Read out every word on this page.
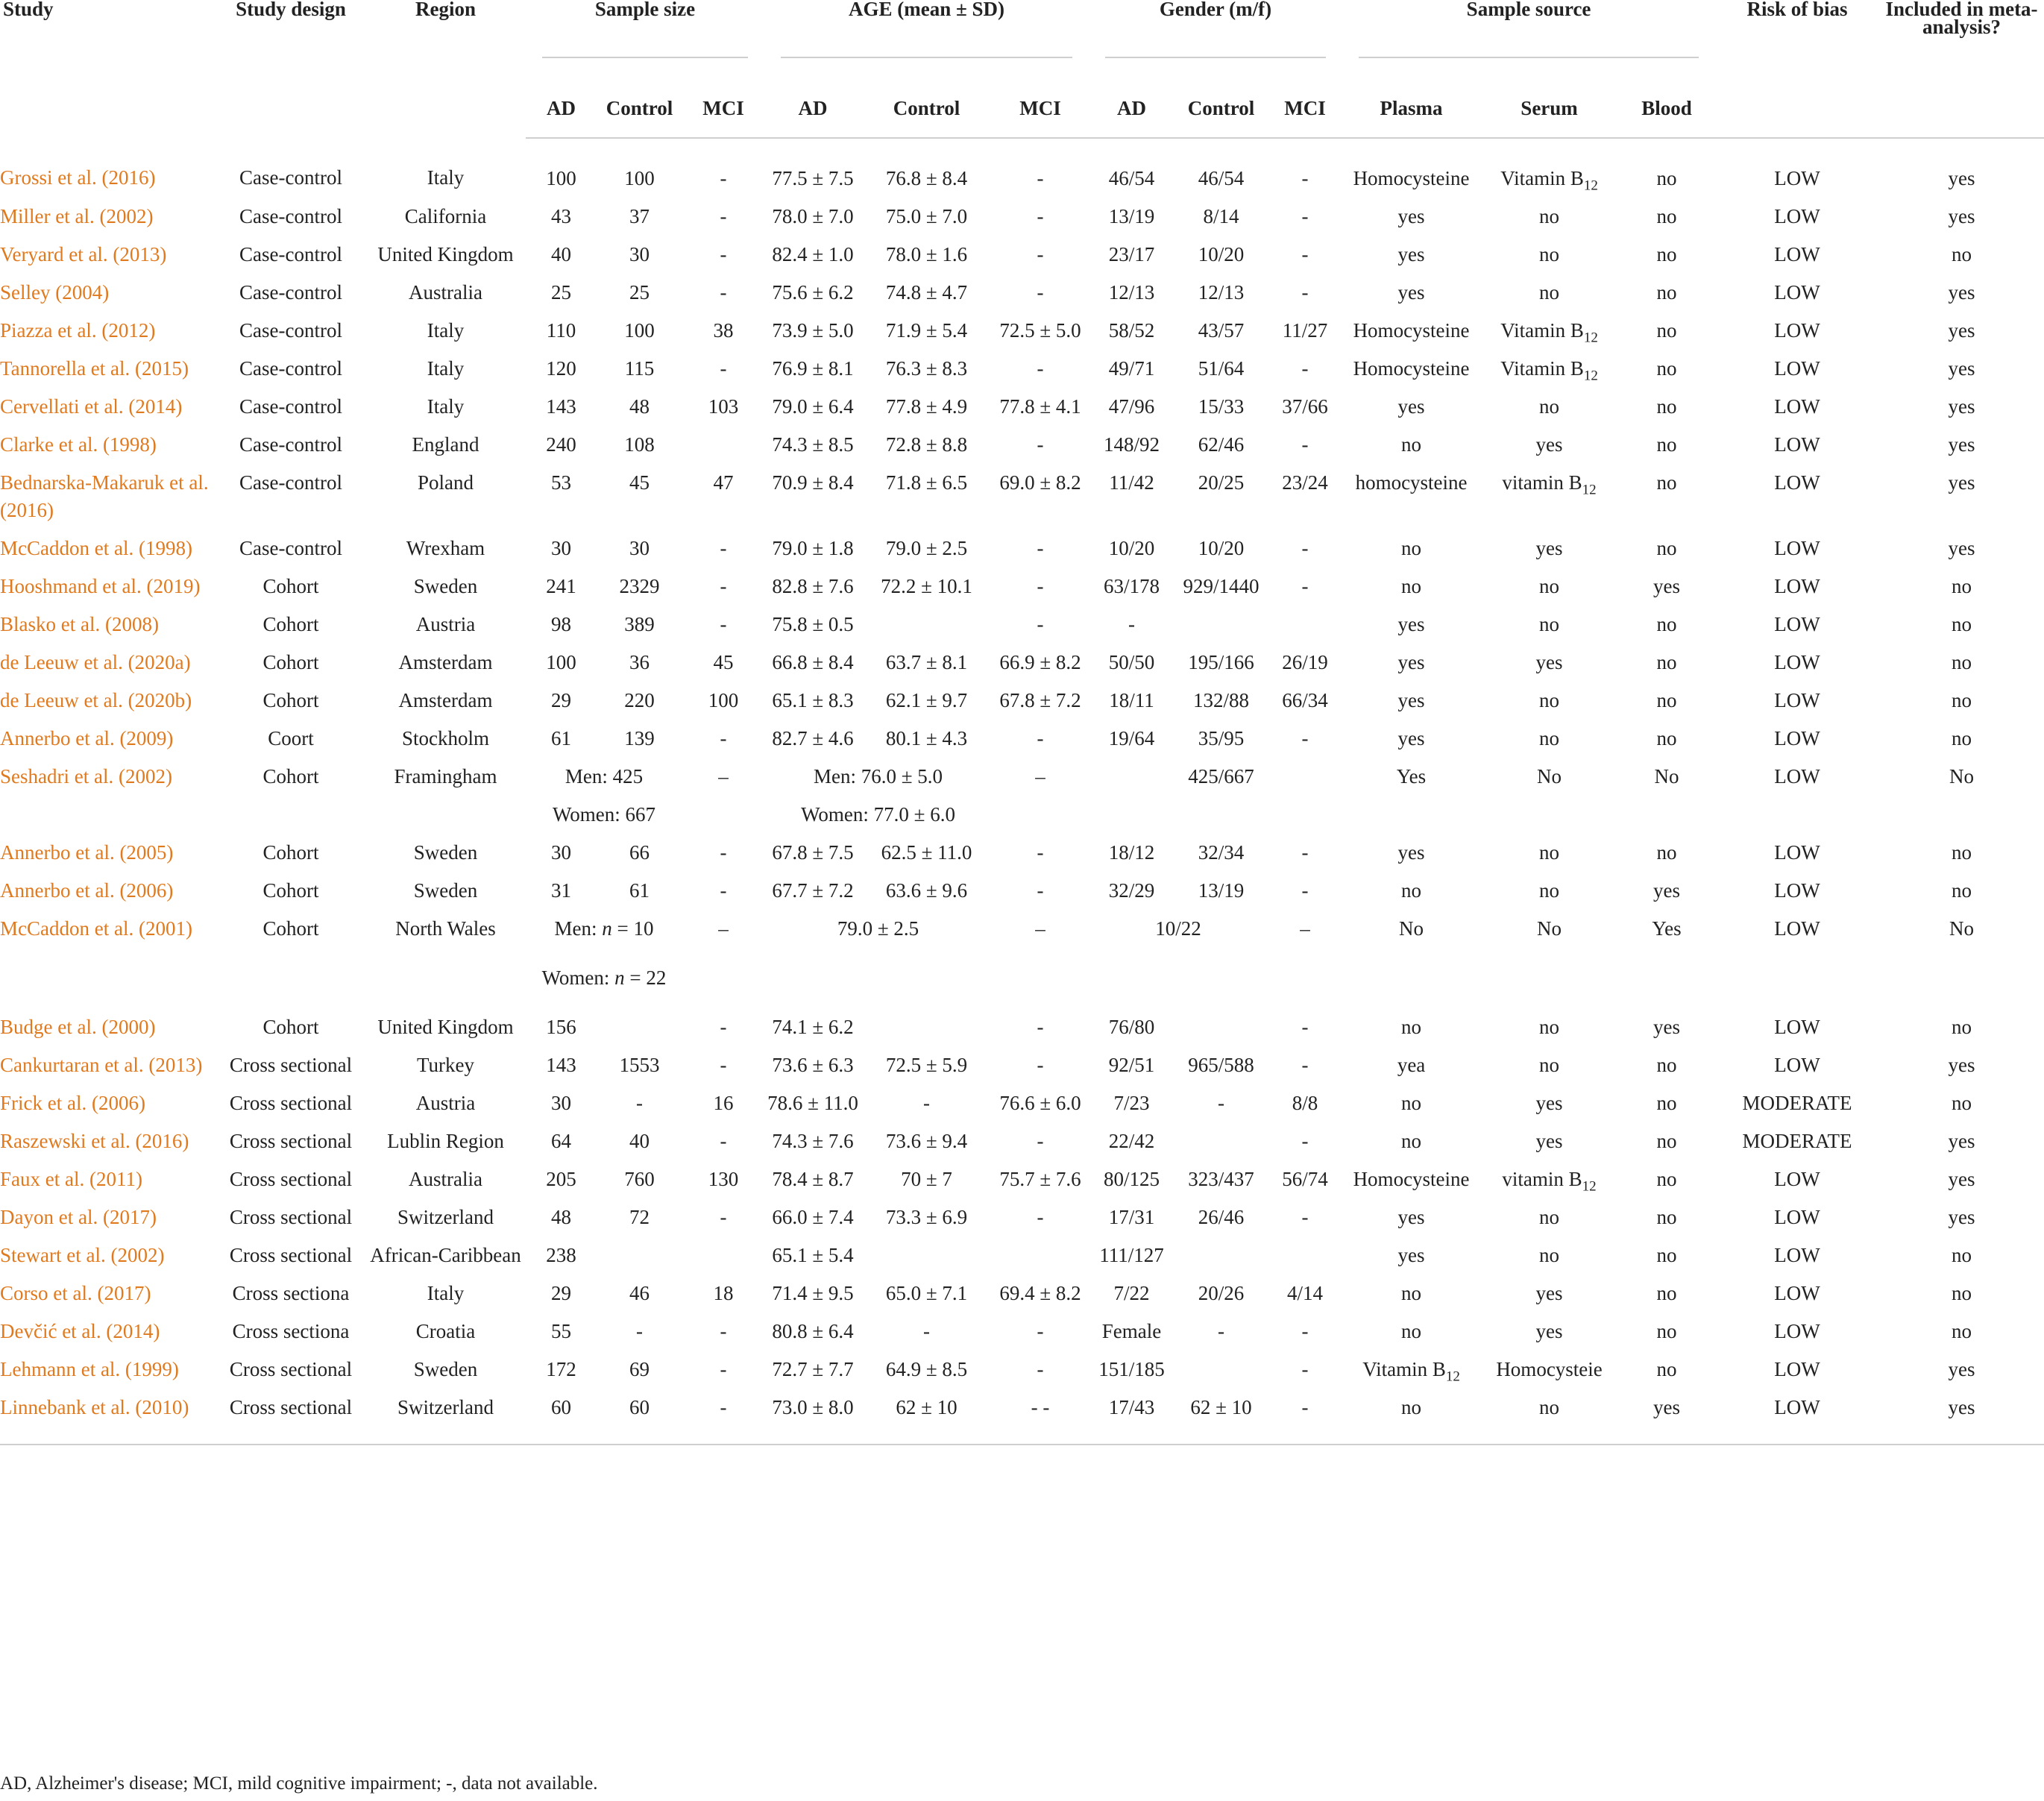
Study	Study design	Region	Sample size			AGE (mean ± SD)			Gender (m/f)			Sample source			Risk of bias	Included in meta-analysis?
			AD	Control	MCI	AD	Control	MCI	AD	Control	MCI	Plasma	Serum	Blood		
Grossi et al. (2016)	Case-control	Italy	100	100	-	77.5 ± 7.5	76.8 ± 8.4	-	46/54	46/54	-	Homocysteine	Vitamin $B_{12}$	no	LOW	yes
Miller et al. (2002)	Case-control	California	43	37	-	78.0 ± 7.0	75.0 ± 7.0	-	13/19	8/14	-	yes	no	no	LOW	yes
Veryard et al. (2013)	Case-control	United Kingdom	40	30	-	82.4 ± 1.0	78.0 ± 1.6	-	23/17	10/20	-	yes	no	no	LOW	no
Selley (2004)	Case-control	Australia	25	25	-	75.6 ± 6.2	74.8 ± 4.7	-	12/13	12/13	-	yes	no	no	LOW	yes
Piazza et al. (2012)	Case-control	Italy	110	100	38	73.9 ± 5.0	71.9 ± 5.4	72.5 ± 5.0	58/52	43/57	11/27	Homocysteine	Vitamin $B_{12}$	no	LOW	yes
Tannorella et al. (2015)	Case-control	Italy	120	115	-	76.9 ± 8.1	76.3 ± 8.3	-	49/71	51/64	-	Homocysteine	Vitamin $B_{12}$	no	LOW	yes
Cervellati et al. (2014)	Case-control	Italy	143	48	103	79.0 ± 6.4	77.8 ± 4.9	77.8 ± 4.1	47/96	15/33	37/66	yes	no	no	LOW	yes
Clarke et al. (1998)	Case-control	England	240	108		74.3 ± 8.5	72.8 ± 8.8	-	148/92	62/46	-	no	yes	no	LOW	yes
Bednarska-Makaruk et al. (2016)	Case-control	Poland	53	45	47	70.9 ± 8.4	71.8 ± 6.5	69.0 ± 8.2	11/42	20/25	23/24	homocysteine	vitamin $B_{12}$	no	LOW	yes
McCaddon et al. (1998)	Case-control	Wrexham	30	30	-	79.0 ± 1.8	79.0 ± 2.5	-	10/20	10/20	-	no	yes	no	LOW	yes
Hooshmand et al. (2019)	Cohort	Sweden	241	2329	-	82.8 ± 7.6	72.2 ± 10.1	-	63/178	929/1440	-	no	no	yes	LOW	no
Blasko et al. (2008)	Cohort	Austria	98	389	-	75.8 ± 0.5		-	-			yes	no	no	LOW	no
de Leeuw et al. (2020a)	Cohort	Amsterdam	100	36	45	66.8 ± 8.4	63.7 ± 8.1	66.9 ± 8.2	50/50	195/166	26/19	yes	yes	no	LOW	no
de Leeuw et al. (2020b)	Cohort	Amsterdam	29	220	100	65.1 ± 8.3	62.1 ± 9.7	67.8 ± 7.2	18/11	132/88	66/34	yes	no	no	LOW	no
Annerbo et al. (2009)	Coort	Stockholm	61	139	-	82.7 ± 4.6	80.1 ± 4.3	-	19/64	35/95	-	yes	no	no	LOW	no
Seshadri et al. (2002)	Cohort	Framingham	Men: 425		–	Men: 76.0 ± 5.0		–		425/667		Yes	No	No	LOW	No
			Women: 667			Women: 77.0 ± 6.0										
Annerbo et al. (2005)	Cohort	Sweden	30	66	-	67.8 ± 7.5	62.5 ± 11.0	-	18/12	32/34	-	yes	no	no	LOW	no
Annerbo et al. (2006)	Cohort	Sweden	31	61	-	67.7 ± 7.2	63.6 ± 9.6	-	32/29	13/19	-	no	no	yes	LOW	no
McCaddon et al. (2001)	Cohort	North Wales	Men: n = 10		–	79.0 ± 2.5		–	10/22		–	No	No	Yes	LOW	No
			Women: n = 22													
Budge et al. (2000)	Cohort	United Kingdom	156		-	74.1 ± 6.2		-	76/80		-	no	no	yes	LOW	no
Cankurtaran et al. (2013)	Cross sectional	Turkey	143	1553	-	73.6 ± 6.3	72.5 ± 5.9	-	92/51	965/588	-	yea	no	no	LOW	yes
Frick et al. (2006)	Cross sectional	Austria	30	-	16	78.6 ± 11.0	-	76.6 ± 6.0	7/23	-	8/8	no	yes	no	MODERATE	no
Raszewski et al. (2016)	Cross sectional	Lublin Region	64	40	-	74.3 ± 7.6	73.6 ± 9.4	-	22/42		-	no	yes	no	MODERATE	yes
Faux et al. (2011)	Cross sectional	Australia	205	760	130	78.4 ± 8.7	70 ± 7	75.7 ± 7.6	80/125	323/437	56/74	Homocysteine	vitamin $B_{12}$	no	LOW	yes
Dayon et al. (2017)	Cross sectional	Switzerland	48	72	-	66.0 ± 7.4	73.3 ± 6.9	-	17/31	26/46	-	yes	no	no	LOW	yes
Stewart et al. (2002)	Cross sectional	African-Caribbean	238			65.1 ± 5.4			111/127			yes	no	no	LOW	no
Corso et al. (2017)	Cross sectiona	Italy	29	46	18	71.4 ± 9.5	65.0 ± 7.1	69.4 ± 8.2	7/22	20/26	4/14	no	yes	no	LOW	no
Devčić et al. (2014)	Cross sectiona	Croatia	55	-	-	80.8 ± 6.4	-	-	Female	-	-	no	yes	no	LOW	no
Lehmann et al. (1999)	Cross sectional	Sweden	172	69	-	72.7 ± 7.7	64.9 ± 8.5	-	151/185		-	Vitamin $B_{12}$	Homocysteie	no	LOW	yes
Linnebank et al. (2010)	Cross sectional	Switzerland	60	60	-	73.0 ± 8.0	62 ± 10	- -	17/43	62 ± 10	-	no	no	yes	LOW	yes
AD, Alzheimer's disease; MCI, mild cognitive impairment; -, data not available.
